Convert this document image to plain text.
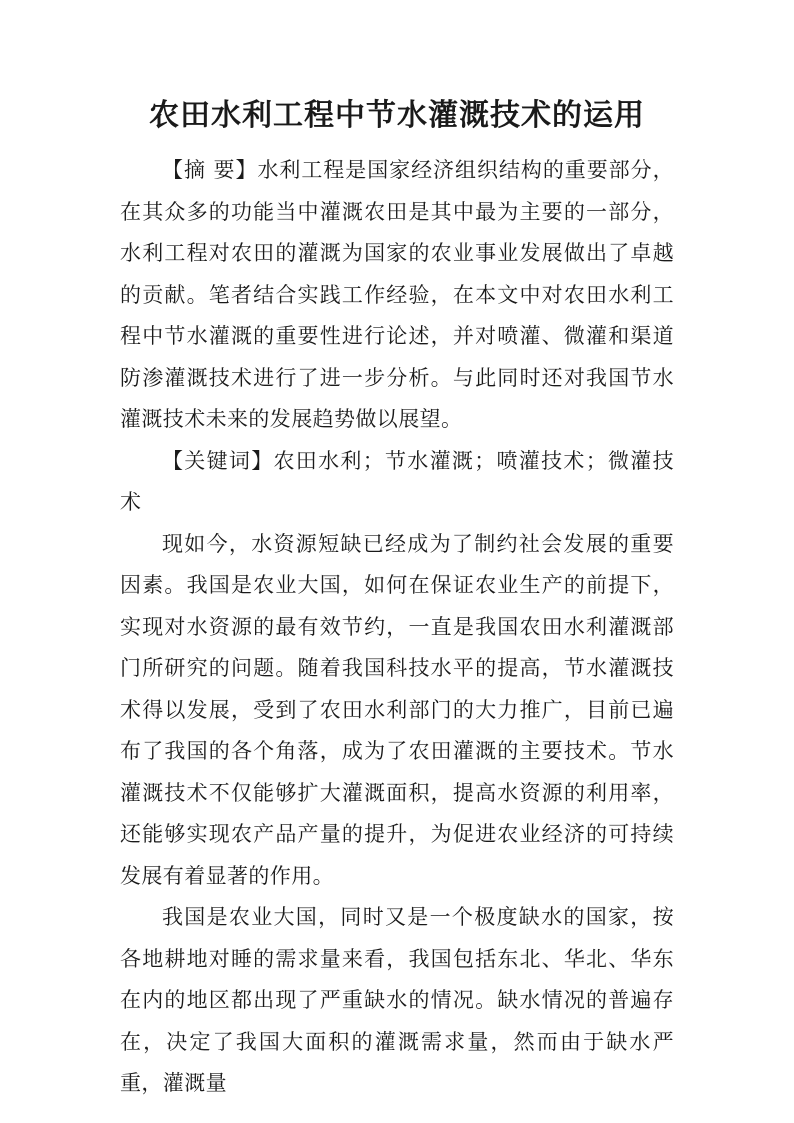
农田水利工程中节水灌溉技术的运用

【摘 要】水利工程是国家经济组织结构的重要部分，在其众多的功能当中灌溉农田是其中最为主要的一部分，水利工程对农田的灌溉为国家的农业事业发展做出了卓越的贡献。笔者结合实践工作经验，在本文中对农田水利工程中节水灌溉的重要性进行论述，并对喷灌、微灌和渠道防渗灌溉技术进行了进一步分析。与此同时还对我国节水灌溉技术未来的发展趋势做以展望。

【关键词】农田水利；节水灌溉；喷灌技术；微灌技术

现如今，水资源短缺已经成为了制约社会发展的重要因素。我国是农业大国，如何在保证农业生产的前提下，实现对水资源的最有效节约，一直是我国农田水利灌溉部门所研究的问题。随着我国科技水平的提高，节水灌溉技术得以发展，受到了农田水利部门的大力推广，目前已遍布了我国的各个角落，成为了农田灌溉的主要技术。节水灌溉技术不仅能够扩大灌溉面积，提高水资源的利用率，还能够实现农产品产量的提升，为促进农业经济的可持续发展有着显著的作用。

我国是农业大国，同时又是一个极度缺水的国家，按各地耕地对睡的需求量来看，我国包括东北、华北、华东在内的地区都出现了严重缺水的情况。缺水情况的普遍存在，决定了我国大面积的灌溉需求量，然而由于缺水严重，灌溉量
